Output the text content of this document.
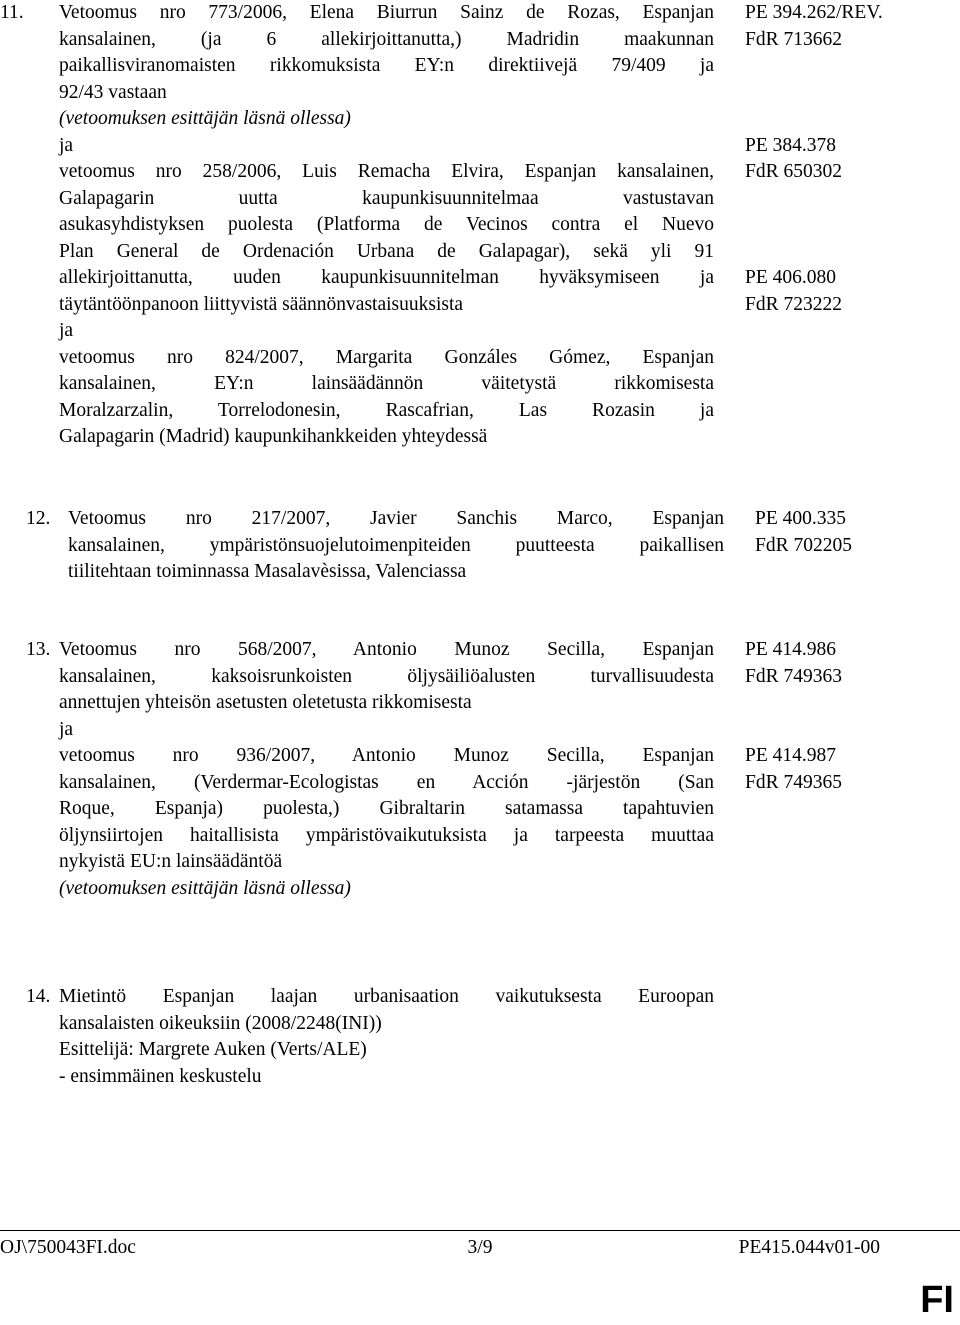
11. Vetoomus nro 773/2006, Elena Biurrun Sainz de Rozas, Espanjan
kansalainen, (ja 6 allekirjoittanutta,) Madridin maakunnan
paikallisviranomaisten rikkomuksista EY:n direktiivejä 79/409 ja
92/43 vastaan
(vetoomuksen esittäjän läsnä ollessa)
PE 394.262/REV.
FdR 713662
ja
vetoomus nro 258/2006, Luis Remacha Elvira, Espanjan kansalainen,
Galapagarin uutta kaupunkisuunnitelmaa vastustavan
asukasyhdistyksen puolesta (Platforma de Vecinos contra el Nuevo
Plan General de Ordenación Urbana de Galapagar), sekä yli 91
allekirjoittanutta, uuden kaupunkisuunnitelman hyväksymiseen ja
täytäntöönpanoon liittyvistä säännönvastaisuuksista
PE 384.378
FdR 650302
ja
vetoomus nro 824/2007, Margarita Gonzáles Gómez, Espanjan
kansalainen, EY:n lainsäädännön väitetystä rikkomisesta
Moralzarzalin, Torrelodonesin, Rascafrian, Las Rozasin ja
Galapagarin (Madrid) kaupunkihankkeiden yhteydessä
PE 406.080
FdR 723222
12. Vetoomus nro 217/2007, Javier Sanchis Marco, Espanjan
kansalainen, ympäristönsuojelutoimenpiteiden puutteesta paikallisen
tiilitehtaan toiminnassa Masalavèsissa, Valenciassa
PE 400.335
FdR 702205
13. Vetoomus nro 568/2007, Antonio Munoz Secilla, Espanjan
kansalainen, kaksoisrunkoisten öljysäiliöalusten turvallisuudesta
annettujen yhteisön asetusten oletetusta rikkomisesta
PE 414.986
FdR 749363
ja
vetoomus nro 936/2007, Antonio Munoz Secilla, Espanjan
kansalainen, (Verdermar-Ecologistas en Acción -järjestön (San
Roque, Espanja) puolesta,) Gibraltarin satamassa tapahtuvien
öljynsiirtojen haitallisista ympäristövaikutuksista ja tarpeesta muuttaa
nykyistä EU:n lainsäädäntöä
(vetoomuksen esittäjän läsnä ollessa)
PE 414.987
FdR 749365
14. Mietintö Espanjan laajan urbanisaation vaikutuksesta Euroopan
kansalaisten oikeuksiin (2008/2248(INI))
Esittelijä: Margrete Auken (Verts/ALE)
- ensimmäinen keskustelu
OJ\750043FI.doc	3/9	PE415.044v01-00
FI
